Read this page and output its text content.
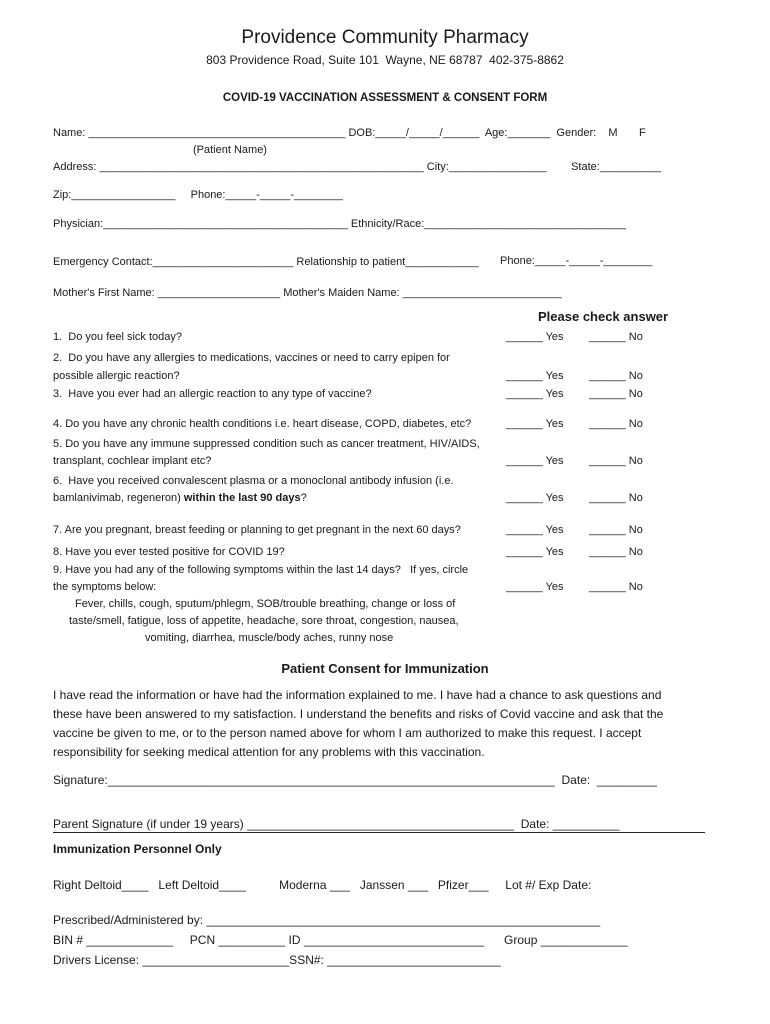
Providence Community Pharmacy
803 Providence Road, Suite 101  Wayne, NE 68787  402-375-8862
COVID-19 VACCINATION ASSESSMENT & CONSENT FORM
Name: __________________________________________ DOB:_____/_____/______  Age:_______  Gender:    M       F
(Patient Name)
Address: _____________________________________________________ City:________________        State:__________
Zip:_________________     Phone:_____-_____-________
Physician:________________________________________ Ethnicity/Race:_________________________________
Emergency Contact:_______________________ Relationship to patient____________ Phone:_____-_____-________
Mother's First Name: ____________________ Mother's Maiden Name: __________________________
Please check answer
1.  Do you feel sick today?	______ Yes ______ No
2.  Do you have any allergies to medications, vaccines or need to carry epipen for
possible allergic reaction?	______ Yes ______ No
3.  Have you ever had an allergic reaction to any type of vaccine?	______ Yes ______ No
4. Do you have any chronic health conditions i.e. heart disease, COPD, diabetes, etc?	______ Yes ______ No
5. Do you have any immune suppressed condition such as cancer treatment, HIV/AIDS,
transplant, cochlear implant etc?	______ Yes ______ No
6.  Have you received convalescent plasma or a monoclonal antibody infusion (i.e.
bamlanivimab, regeneron) within the last 90 days?	______ Yes ______ No
7. Are you pregnant, breast feeding or planning to get pregnant in the next 60 days?	______ Yes ______ No
8. Have you ever tested positive for COVID 19?	______ Yes ______ No
9. Have you had any of the following symptoms within the last 14 days?   If yes, circle
the symptoms below:	______ Yes ______ No
Fever, chills, cough, sputum/phlegm, SOB/trouble breathing, change or loss of
taste/smell, fatigue, loss of appetite, headache, sore throat, congestion, nausea,
vomiting, diarrhea, muscle/body aches, runny nose
Patient Consent for Immunization
I have read the information or have had the information explained to me. I have had a chance to ask questions and these have been answered to my satisfaction. I understand the benefits and risks of Covid vaccine and ask that the vaccine be given to me, or to the person named above for whom I am authorized to make this request. I accept responsibility for seeking medical attention for any problems with this vaccination.
Signature:___________________________________________________________________  Date:  _________
Parent Signature (if under 19 years) ________________________________________  Date: __________
Immunization Personnel Only
Right Deltoid____   Left Deltoid____          Moderna ___   Janssen ___   Pfizer___     Lot #/ Exp Date:
Prescribed/Administered by: ___________________________________________________________
BIN # _____________     PCN __________ ID ___________________________      Group _____________
Drivers License: ______________________SSN#: __________________________
